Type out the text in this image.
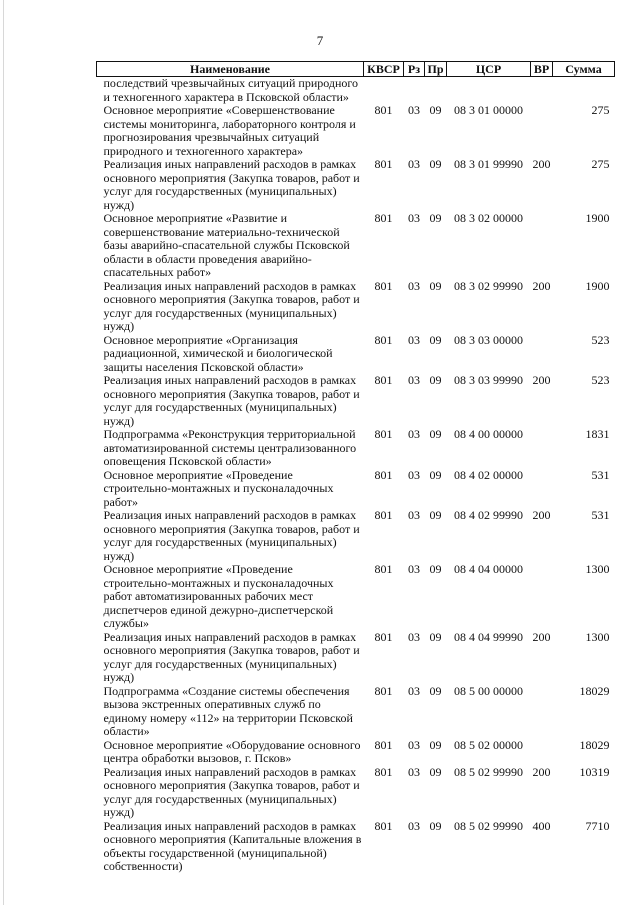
7
Наименование	КВСР	Рз	Пр	ЦСР	ВР	Сумма
последствий чрезвычайных ситуаций природного и техногенного характера в Псковской области»						
Основное мероприятие «Совершенствование системы мониторинга, лабораторного контроля и прогнозирования чрезвычайных ситуаций природного и техногенного характера»	801	03	09	08 3 01 00000		275
Реализация иных направлений расходов в рамках основного мероприятия (Закупка товаров, работ и услуг для государственных (муниципальных) нужд)	801	03	09	08 3 01 99990	200	275
Основное мероприятие «Развитие и совершенствование материально-технической базы аварийно-спасательной службы Псковской области в области проведения аварийно-спасательных работ»	801	03	09	08 3 02 00000		1900
Реализация иных направлений расходов в рамках основного мероприятия (Закупка товаров, работ и услуг для государственных (муниципальных) нужд)	801	03	09	08 3 02 99990	200	1900
Основное мероприятие «Организация радиационной, химической и биологической защиты населения Псковской области»	801	03	09	08 3 03 00000		523
Реализация иных направлений расходов в рамках основного мероприятия (Закупка товаров, работ и услуг для государственных (муниципальных) нужд)	801	03	09	08 3 03 99990	200	523
Подпрограмма «Реконструкция территориальной автоматизированной системы централизованного оповещения Псковской области»	801	03	09	08 4 00 00000		1831
Основное мероприятие «Проведение строительно-монтажных и пусконаладочных работ»	801	03	09	08 4 02 00000		531
Реализация иных направлений расходов в рамках основного мероприятия (Закупка товаров, работ и услуг для государственных (муниципальных) нужд)	801	03	09	08 4 02 99990	200	531
Основное мероприятие «Проведение строительно-монтажных и пусконаладочных работ автоматизированных рабочих мест диспетчеров единой дежурно-диспетчерской службы»	801	03	09	08 4 04 00000		1300
Реализация иных направлений расходов в рамках основного мероприятия (Закупка товаров, работ и услуг для государственных (муниципальных) нужд)	801	03	09	08 4 04 99990	200	1300
Подпрограмма «Создание системы обеспечения вызова экстренных оперативных служб по единому номеру «112» на территории Псковской области»	801	03	09	08 5 00 00000		18029
Основное мероприятие «Оборудование основного центра обработки вызовов, г. Псков»	801	03	09	08 5 02 00000		18029
Реализация иных направлений расходов в рамках основного мероприятия (Закупка товаров, работ и услуг для государственных (муниципальных) нужд)	801	03	09	08 5 02 99990	200	10319
Реализация иных направлений расходов в рамках основного мероприятия (Капитальные вложения в объекты государственной (муниципальной) собственности)	801	03	09	08 5 02 99990	400	7710
